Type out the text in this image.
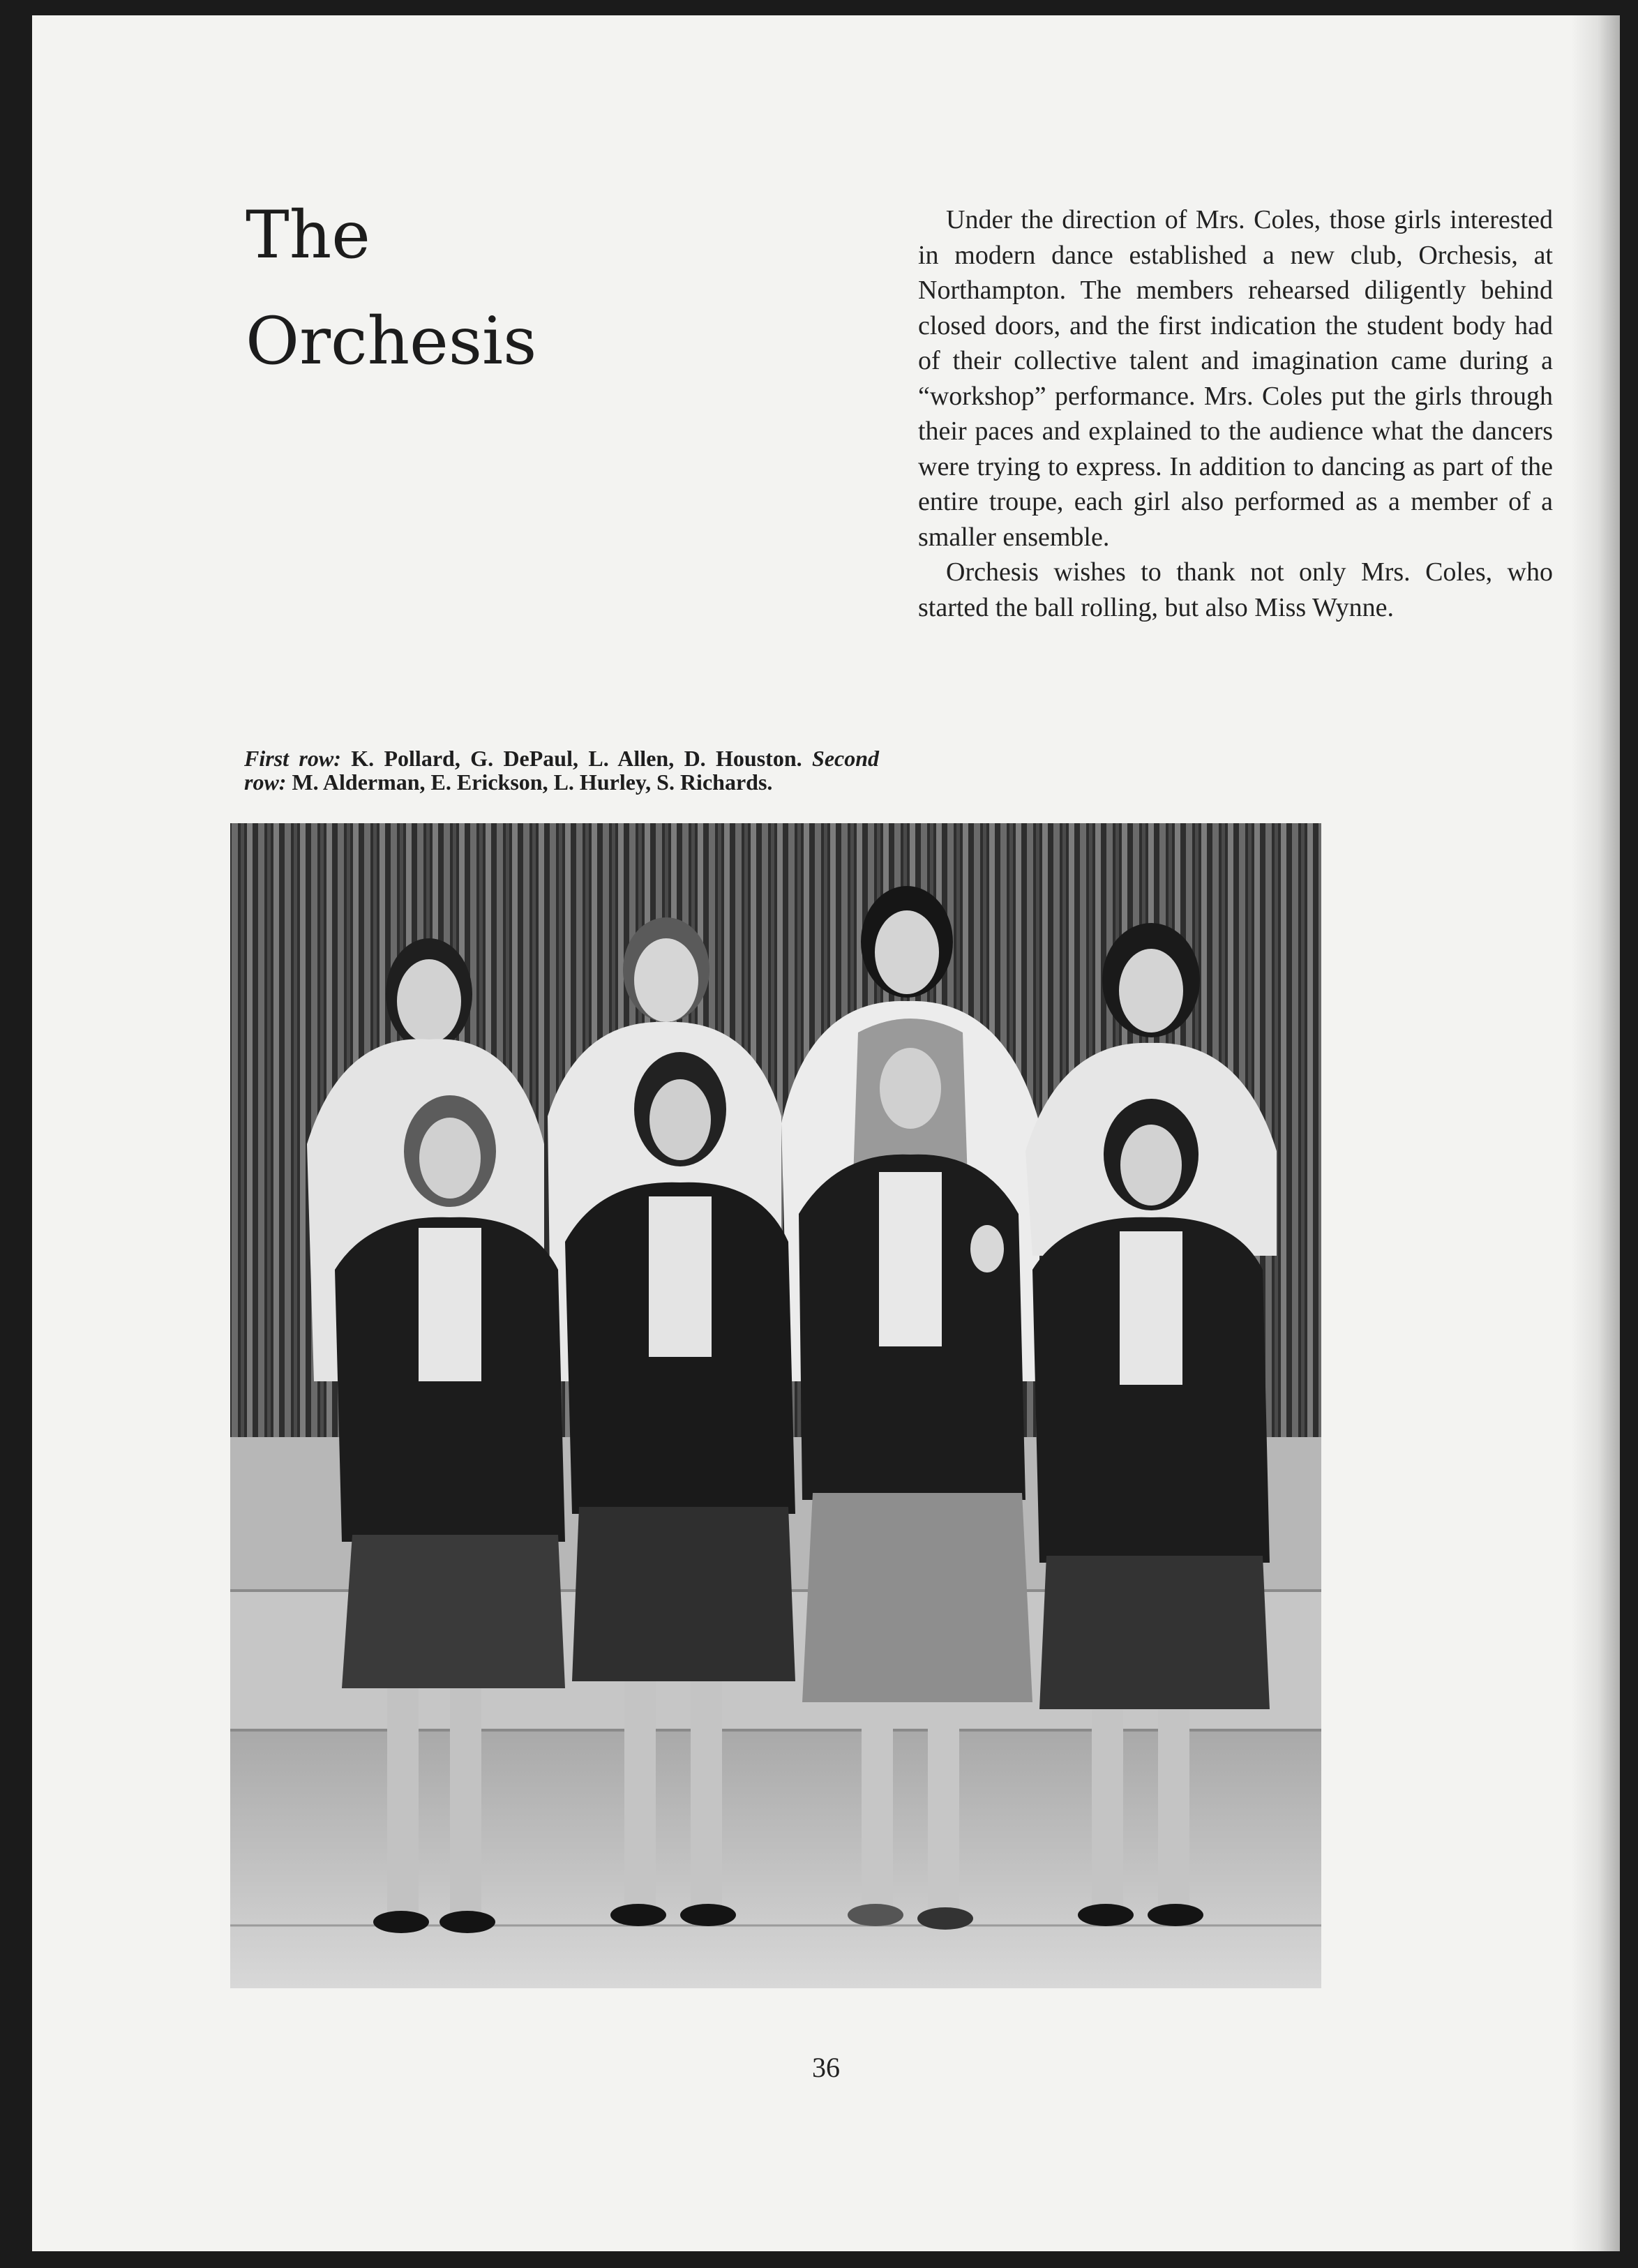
The
Orchesis

Under the direction of Mrs. Coles, those girls interested in modern dance established a new club, Orchesis, at Northampton. The members rehearsed diligently behind closed doors, and the first indication the student body had of their collective talent and imagination came during a “workshop” performance. Mrs. Coles put the girls through their paces and explained to the audience what the dancers were trying to express. In addition to dancing as part of the entire troupe, each girl also performed as a member of a smaller ensemble.

Orchesis wishes to thank not only Mrs. Coles, who started the ball rolling, but also Miss Wynne.

First row: K. Pollard, G. DePaul, L. Allen, D. Houston. Second row: M. Alderman, E. Erickson, L. Hurley, S. Richards.
36
